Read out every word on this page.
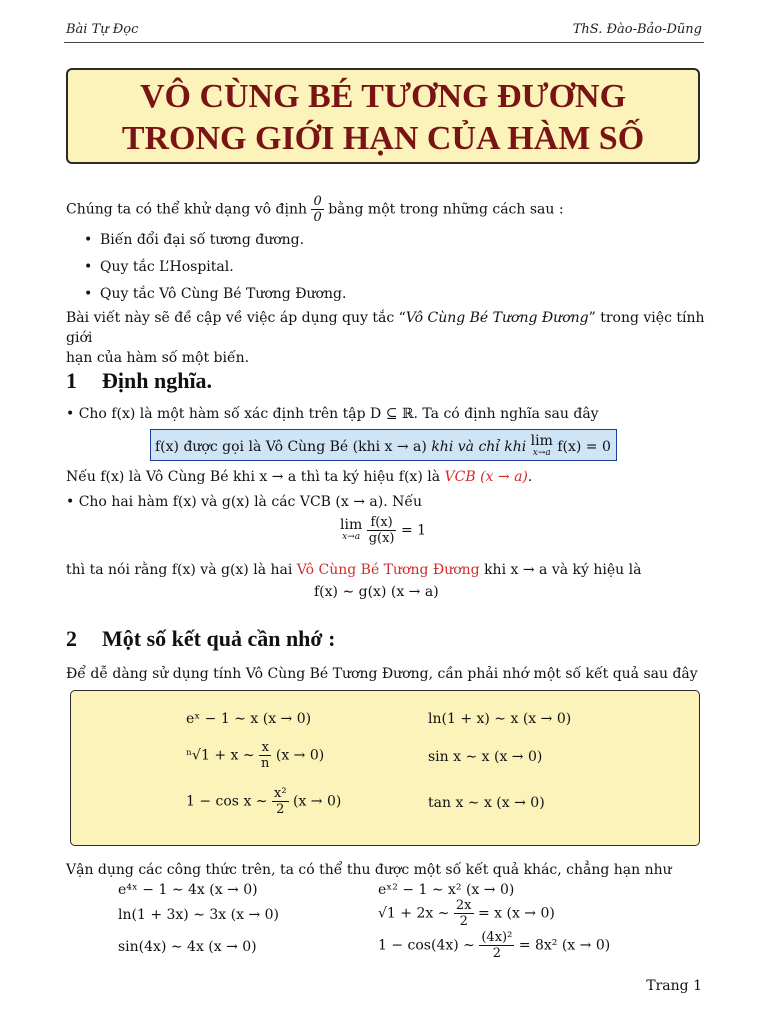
Bài Tự Đọc	ThS. Đào-Bảo-Dũng
VÔ CÙNG BÉ TƯƠNG ĐƯƠNG
TRONG GIỚI HẠN CỦA HÀM SỐ
Chúng ta có thể khử dạng vô định $\frac{0}{0}$ bằng một trong những cách sau :
• Biến đổi đại số tương đương.
• Quy tắc L’Hospital.
• Quy tắc Vô Cùng Bé Tương Đương.
Bài viết này sẽ đề cập về việc áp dụng quy tắc “Vô Cùng Bé Tương Đương” trong việc tính giới
hạn của hàm số một biến.
1 Định nghĩa.
• Cho f(x) là một hàm số xác định trên tập D ⊆ ℝ. Ta có định nghĩa sau đây
f(x) được gọi là Vô Cùng Bé (khi x → a) khi và chỉ khi lim
x→a f(x) = 0
Nếu f(x) là Vô Cùng Bé khi x → a thì ta ký hiệu f(x) là VCB (x → a).
• Cho hai hàm f(x) và g(x) là các VCB (x → a). Nếu
lim
x→a
$\frac{f(x)}{g(x)} = 1$
thì ta nói rằng f(x) và g(x) là hai Vô Cùng Bé Tương Đương khi x → a và ký hiệu là
f(x) ∼ g(x) (x → a)
2 Một số kết quả cần nhớ :
Để dễ dàng sử dụng tính Vô Cùng Bé Tương Đương, cần phải nhớ một số kết quả sau đây
eˣ − 1 ∼ x (x → 0)	ln(1 + x) ∼ x (x → 0)
ⁿ√1 + x ∼ $\frac{x}{n} (x \to 0)$	sin x ∼ x (x → 0)
1 − cos x ∼ $\frac{\text{x²}}{2} (x \to 0)$	tan x ∼ x (x → 0)
Vận dụng các công thức trên, ta có thể thu được một số kết quả khác, chẳng hạn như
e⁴ˣ − 1 ∼ 4x (x → 0)	eˣ² − 1 ∼ x² (x → 0)
ln(1 + 3x) ∼ 3x (x → 0)	√1 + 2x ∼ $\frac{2x}{2} = x$ (x → 0)
sin(4x) ∼ 4x (x → 0)	1 − cos(4x) ∼ $\frac{\text{(4x)²}}{2} = 8x^2$ (x → 0)
Trang 1
